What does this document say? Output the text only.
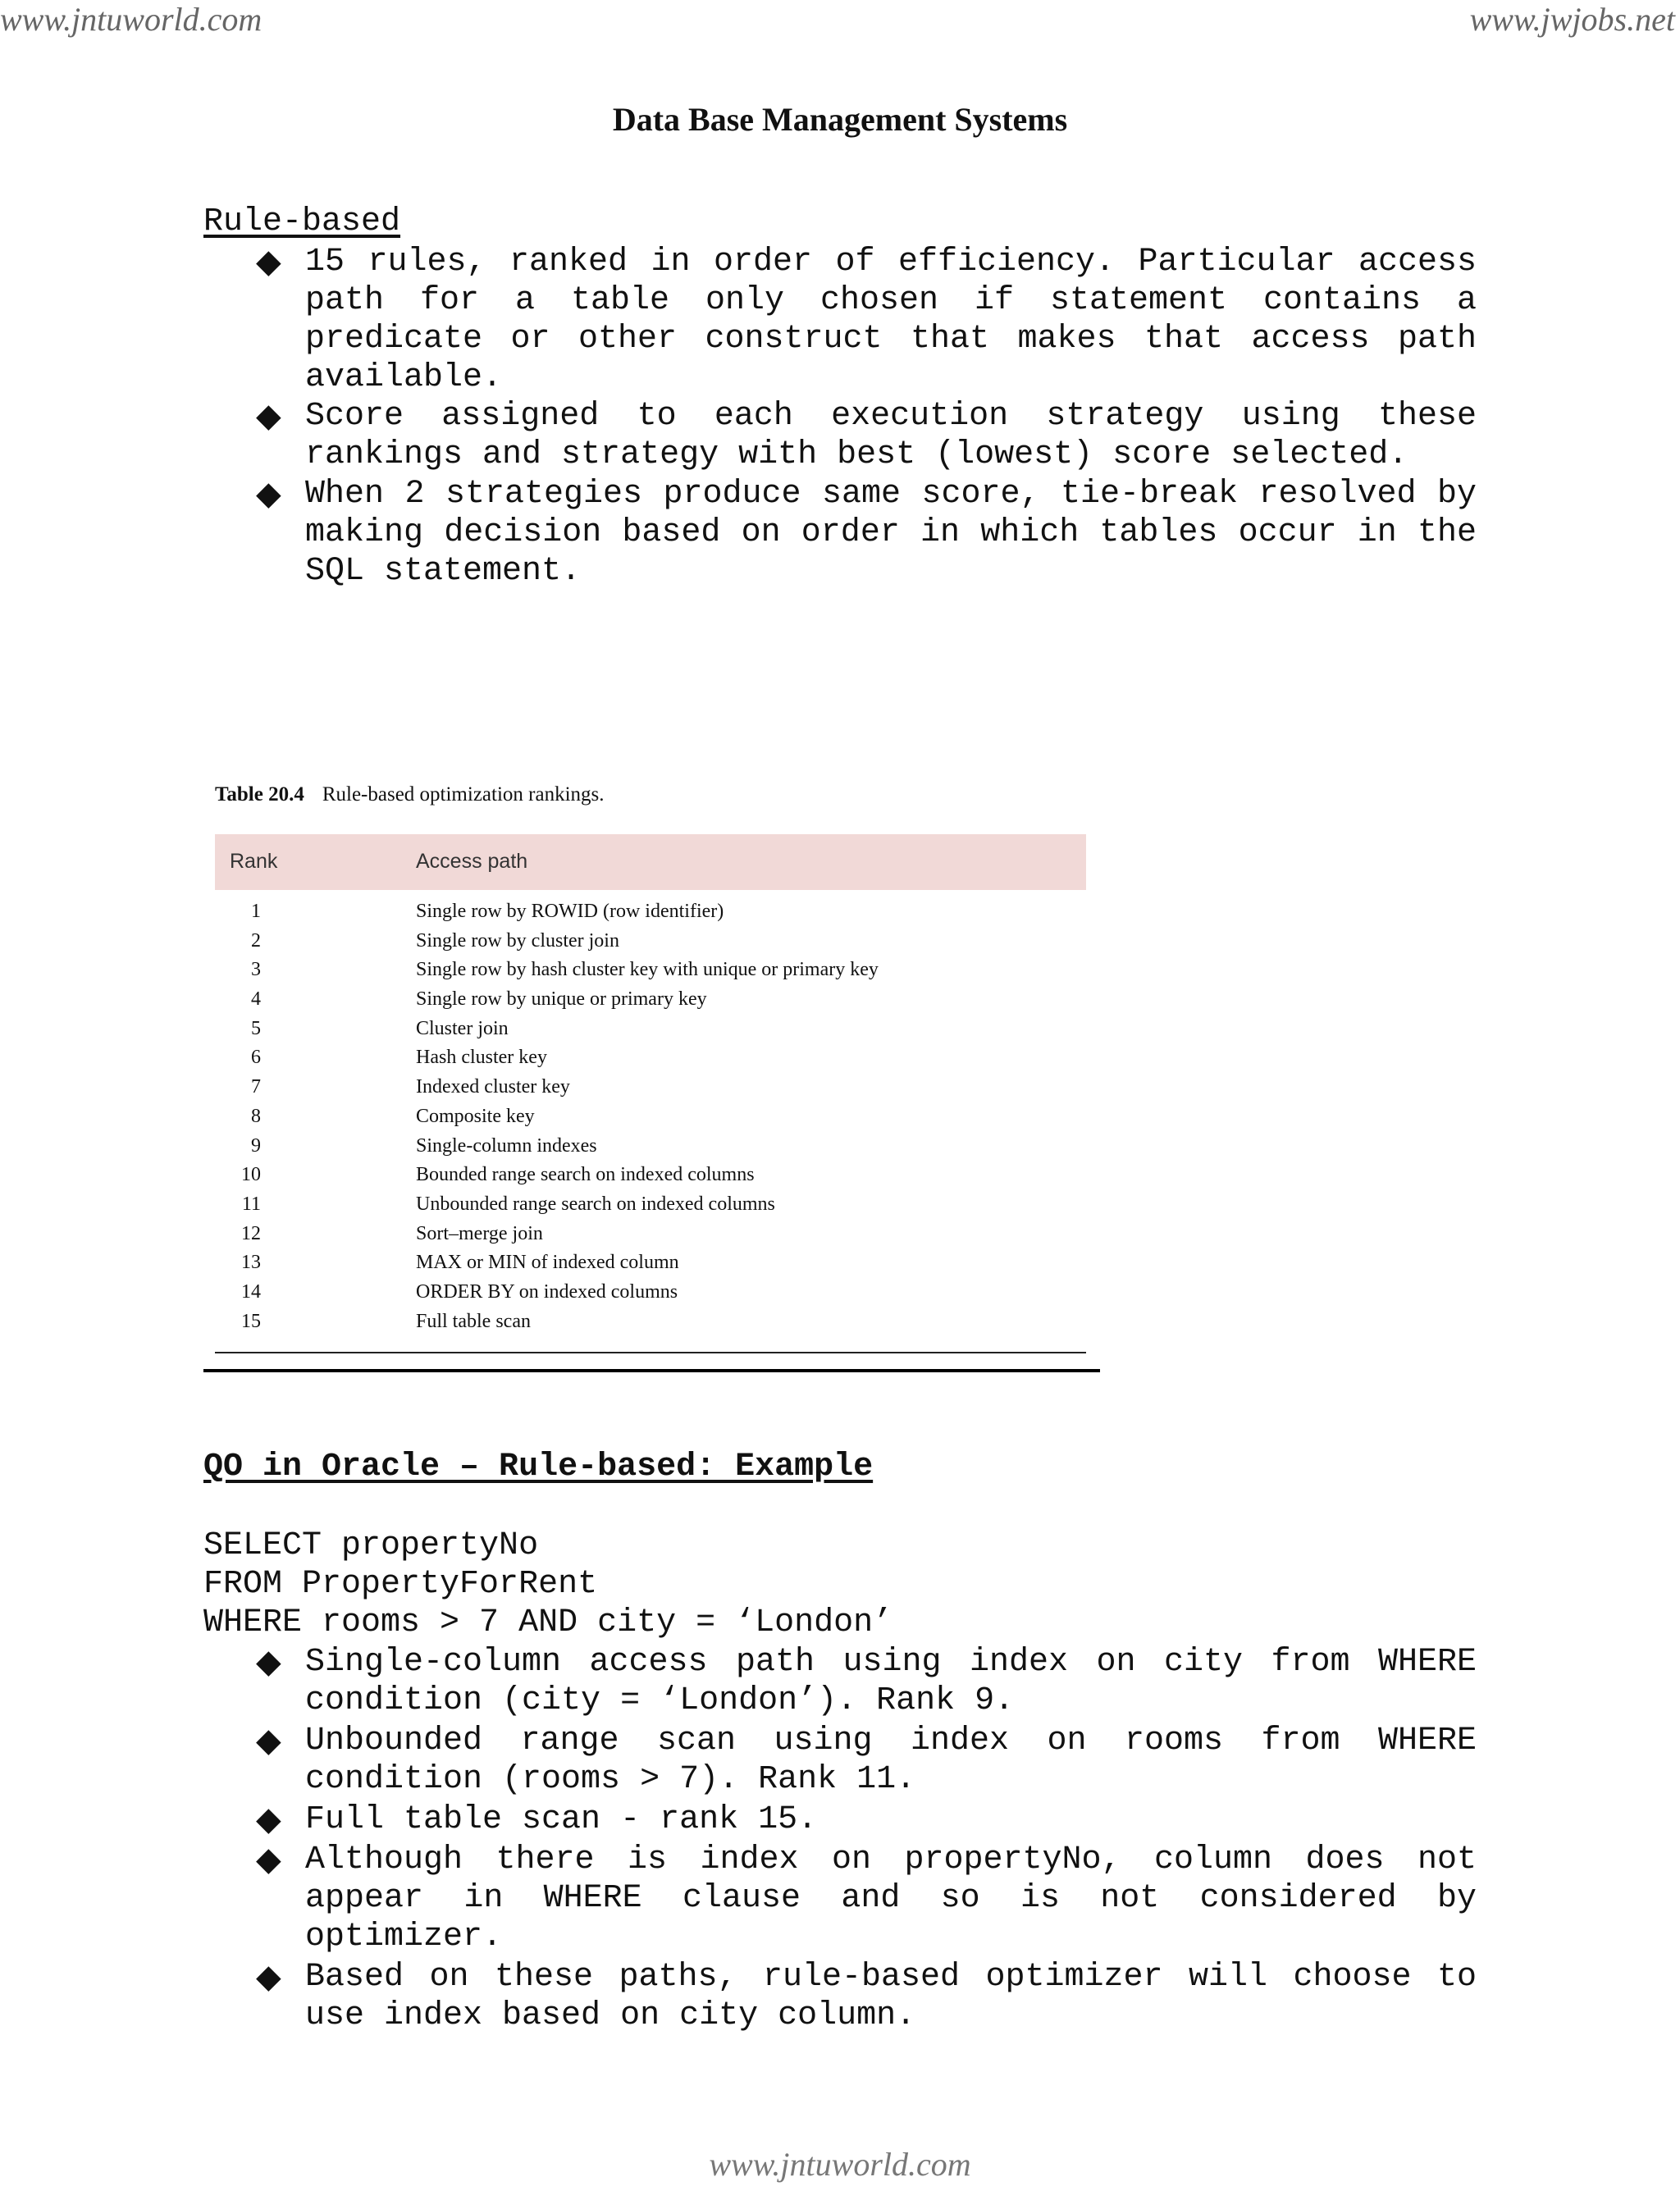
www.jntuworld.com	www.jwjobs.net
Data Base Management Systems
Rule-based
◆ 15 rules, ranked in order of efficiency. Particular access path for a table only chosen if statement contains a predicate or other construct that makes that access path available.
◆ Score assigned to each execution strategy using these rankings and strategy with best (lowest) score selected.
◆ When 2 strategies produce same score, tie-break resolved by making decision based on order in which tables occur in the SQL statement.
Table 20.4 Rule-based optimization rankings.
Rank	Access path
1	Single row by ROWID (row identifier)
2	Single row by cluster join
3	Single row by hash cluster key with unique or primary key
4	Single row by unique or primary key
5	Cluster join
6	Hash cluster key
7	Indexed cluster key
8	Composite key
9	Single-column indexes
10	Bounded range search on indexed columns
11	Unbounded range search on indexed columns
12	Sort–merge join
13	MAX or MIN of indexed column
14	ORDER BY on indexed columns
15	Full table scan
QO in Oracle – Rule-based: Example
SELECT propertyNo
FROM PropertyForRent
WHERE rooms > 7 AND city = ‘London’
◆ Single-column access path using index on city from WHERE condition (city = ‘London’). Rank 9.
◆ Unbounded range scan using index on rooms from WHERE condition (rooms > 7). Rank 11.
◆ Full table scan - rank 15.
◆ Although there is index on propertyNo, column does not appear in WHERE clause and so is not considered by optimizer.
◆ Based on these paths, rule-based optimizer will choose to use index based on city column.
www.jntuworld.com
